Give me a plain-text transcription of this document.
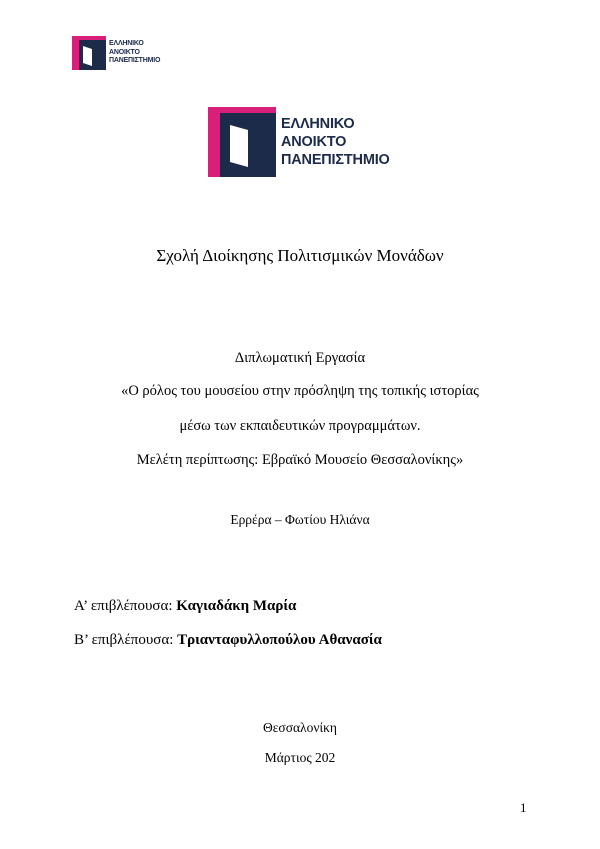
ΕΛΛΗΝΙΚΟ
ΑΝΟΙΚΤΟ
ΠΑΝΕΠΙΣΤΗΜΙΟ
ΕΛΛΗΝΙΚΟ
ΑΝΟΙΚΤΟ
ΠΑΝΕΠΙΣΤΗΜΙΟ
Σχολή Διοίκησης Πολιτισμικών Μονάδων
Διπλωματική Εργασία
«Ο ρόλος του μουσείου στην πρόσληψη της τοπικής ιστορίας
μέσω των εκπαιδευτικών προγραμμάτων.
Μελέτη περίπτωσης: Εβραϊκό Μουσείο Θεσσαλονίκης»
Ερρέρα – Φωτίου Ηλιάνα
Α’ επιβλέπουσα: Καγιαδάκη Μαρία
Β’ επιβλέπουσα: Τριανταφυλλοπούλου Αθανασία
Θεσσαλονίκη
Μάρτιος 202
1
